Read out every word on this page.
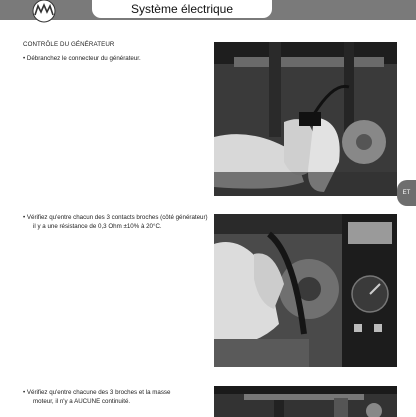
Système électrique
ET
CONTRÔLE DU GÉNÉRATEUR
• Débranchez le connecteur du générateur.
• Vérifiez qu'entre chacun des 3 contacts broches (côté générateur)
il y a une résistance de 0,3 Ohm ±10% à 20°C.
• Vérifiez qu'entre chacune des 3 broches et la masse
moteur, il n'y a AUCUNE continuité.
